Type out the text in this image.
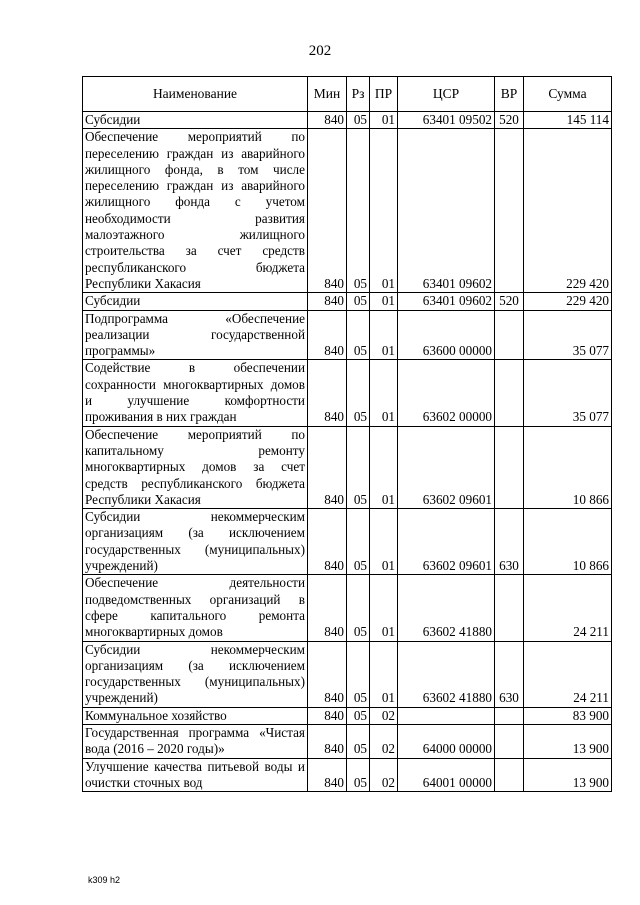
202
Наименование	Мин	Рз	ПР	ЦСР	ВР	Сумма
Субсидии	840	05	01	63401 09502	520	145 114
Обеспечение мероприятий по переселению граждан из аварийного жилищного фонда, в том числе переселению граждан из аварийного жилищного фонда с учетом необходимости развития малоэтажного жилищного строительства за счет средств республиканского бюджета Республики Хакасия	840	05	01	63401 09602		229 420
Субсидии	840	05	01	63401 09602	520	229 420
Подпрограмма «Обеспечение реализации государственной программы»	840	05	01	63600 00000		35 077
Содействие в обеспечении сохранности многоквартирных домов и улучшение комфортности проживания в них граждан	840	05	01	63602 00000		35 077
Обеспечение мероприятий по капитальному ремонту многоквартирных домов за счет средств республиканского бюджета Республики Хакасия	840	05	01	63602 09601		10 866
Субсидии некоммерческим организациям (за исключением государственных (муниципальных) учреждений)	840	05	01	63602 09601	630	10 866
Обеспечение деятельности подведомственных организаций в сфере капитального ремонта многоквартирных домов	840	05	01	63602 41880		24 211
Субсидии некоммерческим организациям (за исключением государственных (муниципальных) учреждений)	840	05	01	63602 41880	630	24 211
Коммунальное хозяйство	840	05	02			83 900
Государственная программа «Чистая вода (2016 – 2020 годы)»	840	05	02	64000 00000		13 900
Улучшение качества питьевой воды и очистки сточных вод	840	05	02	64001 00000		13 900
k309 h2
